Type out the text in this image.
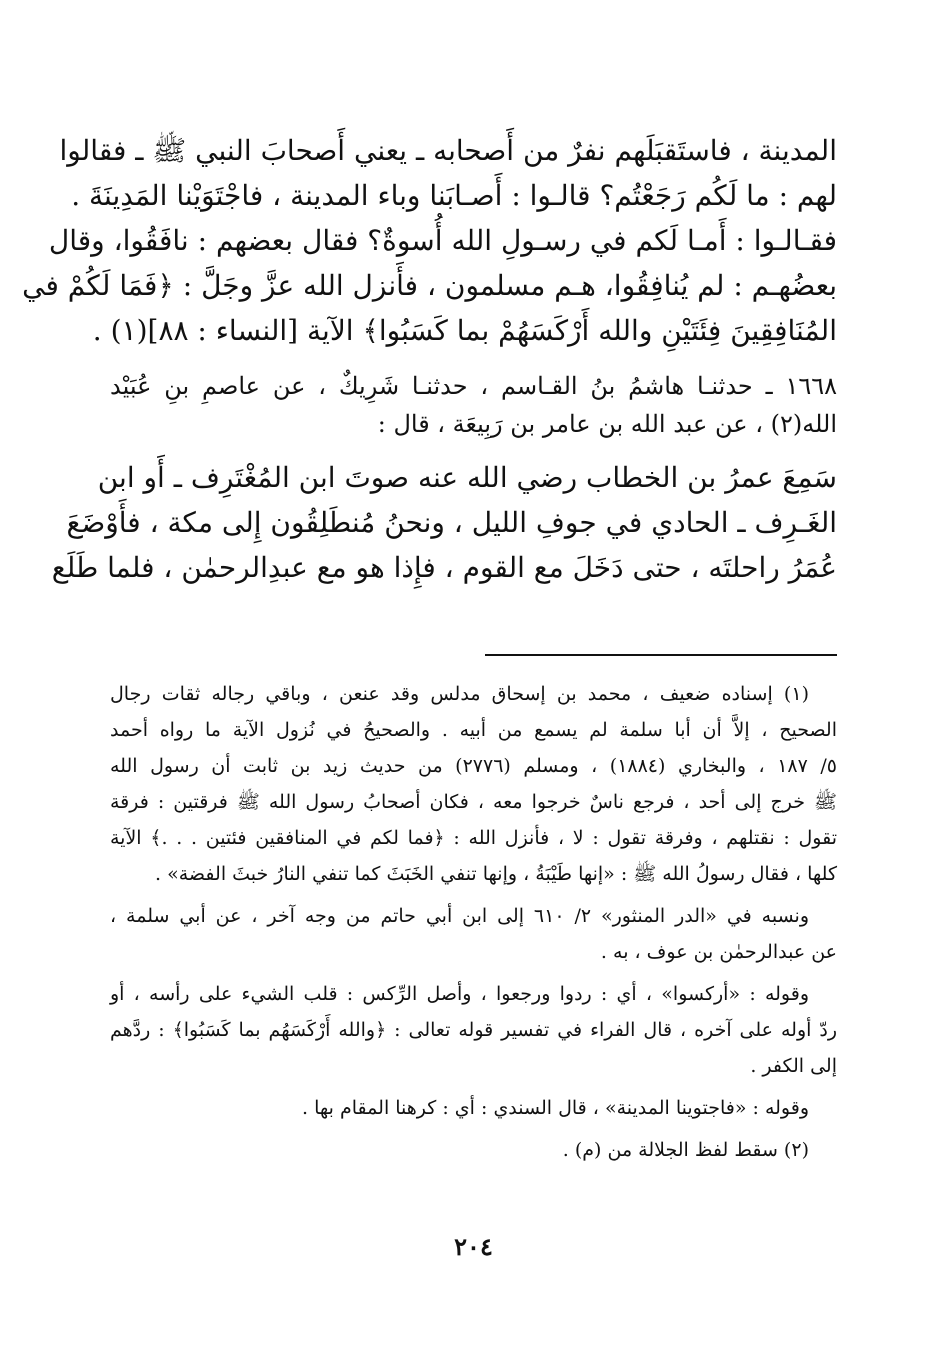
المدينة ، فاستَقبَلَهم نفرٌ من أَصحابه ـ يعني أَصحابَ النبي ﷺ ـ فقالوا
لهم : ما لَكُم رَجَعْتُم؟ قالـوا : أَصـابَنا وباء المدينة ، فاجْتَوَيْنا المَدِينَةَ .
فقـالـوا : أَمـا لَكم في رسـولِ الله أُسوةٌ؟ فقال بعضهم : نافَقُوا، وقال
بعضُهـم : لم يُنافِقُوا، هـم مسلمون ، فأَنزل الله عزَّ وجَلَّ : ﴿فَمَا لَكُمْ في
المُنَافِقِينَ فِئَتَيْنِ والله أَرْكَسَهُمْ بما كَسَبُوا﴾ الآية [النساء : ٨٨](١) .
١٦٦٨ ـ حدثنـا هاشمُ بنُ القـاسم ، حدثنـا شَرِيكٌ ، عن عاصمِ بنِ عُبَيْد
الله(٢) ، عن عبد الله بن عامر بن رَبِيعَة ، قال :
سَمِعَ عمرُ بن الخطاب رضي الله عنه صوتَ ابن المُغْتَرِف ـ أَو ابن
الغَـرِف ـ الحادي في جوفِ الليل ، ونحنُ مُنطَلِقُون إِلى مكة ، فأَوْضَعَ
عُمَرُ راحلتَه ، حتى دَخَلَ مع القوم ، فإِذا هو مع عبدِالرحمٰن ، فلما طَلَع
(١) إسناده ضعيف ، محمد بن إسحاق مدلس وقد عنعن ، وباقي رجاله ثقات رجال
الصحيح ، إلاَّ أن أبا سلمة لم يسمع من أبيه . والصحيحُ في نُزول الآية ما رواه أحمد
٥/ ١٨٧ ، والبخاري (١٨٨٤) ، ومسلم (٢٧٧٦) من حديث زيد بن ثابت أن رسول الله
ﷺ خرج إلى أحد ، فرجع ناسٌ خرجوا معه ، فكان أصحابُ رسول الله ﷺ فرقتين : فرقة
تقول : نقتلهم ، وفرقة تقول : لا ، فأنزل الله : ﴿فما لكم في المنافقين فئتين . . .﴾ الآية
كلها ، فقال رسولُ الله ﷺ : «إنها طَيْبَةُ ، وإنها تنفي الخَبَثَ كما تنفي النارُ خبثَ الفضة» .
ونسبه في «الدر المنثور» ٢/ ٦١٠ إلى ابن أبي حاتم من وجه آخر ، عن أبي سلمة ،
عن عبدالرحمٰن بن عوف ، به .
وقوله : «أركسوا» ، أي : ردوا ورجعوا ، وأصل الرِّكس : قلب الشيء على رأسه ، أو
ردّ أوله على آخره ، قال الفراء في تفسير قوله تعالى : ﴿والله أَرْكَسَهُم بما كَسَبُوا﴾ : ردَّهم
إلى الكفر .
وقوله : «فاجتوينا المدينة» ، قال السندي : أي : كرهنا المقام بها .
(٢) سقط لفظ الجلالة من (م) .
٢٠٤
